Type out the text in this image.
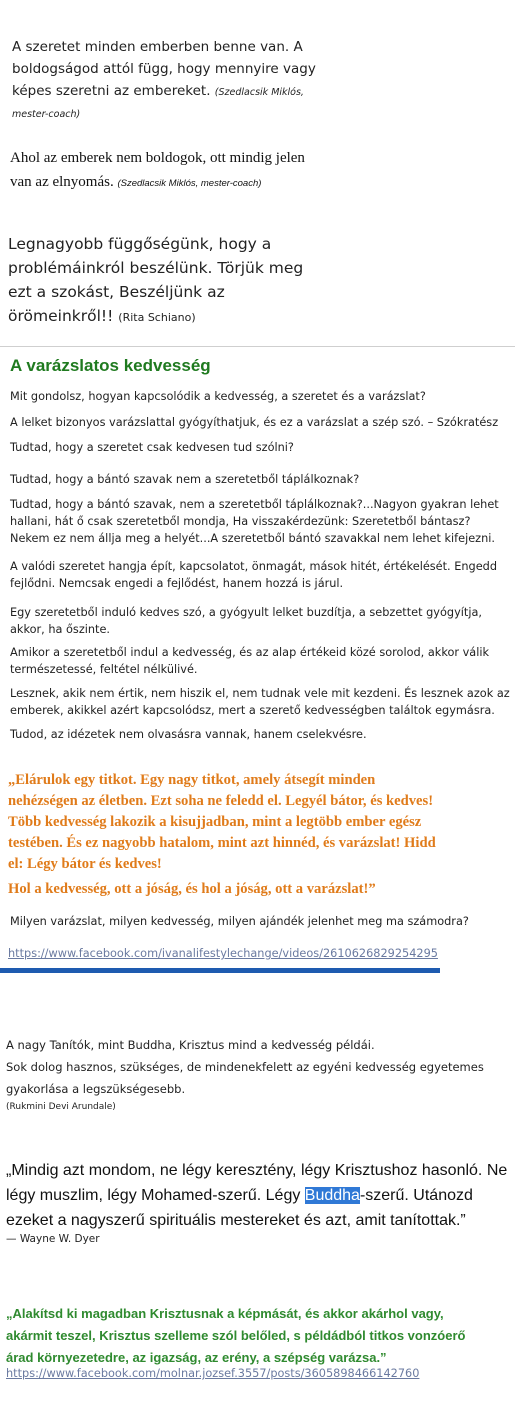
A szeretet minden emberben benne van. A
boldogságod attól függ, hogy mennyire vagy
képes szeretni az embereket. (Szedlacsik Miklós,
mester-coach)
Ahol az emberek nem boldogok, ott mindig jelen
van az elnyomás. (Szedlacsik Miklós, mester-coach)
Legnagyobb függőségünk, hogy a
problémáinkról beszélünk. Törjük meg
ezt a szokást, Beszéljünk az
örömeinkről!! (Rita Schiano)
A varázslatos kedvesség
Mit gondolsz, hogyan kapcsolódik a kedvesség, a szeretet és a varázslat?
A lelket bizonyos varázslattal gyógyíthatjuk, és ez a varázslat a szép szó. – Szókratész
Tudtad, hogy a szeretet csak kedvesen tud szólni?
Tudtad, hogy a bántó szavak nem a szeretetből táplálkoznak?
Tudtad, hogy a bántó szavak, nem a szeretetből táplálkoznak?...Nagyon gyakran lehet
hallani, hát ő csak szeretetből mondja, Ha visszakérdezünk: Szeretetből bántasz?
Nekem ez nem állja meg a helyét...A szeretetből bántó szavakkal nem lehet kifejezni.
A valódi szeretet hangja épít, kapcsolatot, önmagát, mások hitét, értékelését. Engedd
fejlődni. Nemcsak engedi a fejlődést, hanem hozzá is járul.
Egy szeretetből induló kedves szó, a gyógyult lelket buzdítja, a sebzettet gyógyítja,
akkor, ha őszinte.
Amikor a szeretetből indul a kedvesség, és az alap értékeid közé sorolod, akkor válik
természetessé, feltétel nélkülivé.
Lesznek, akik nem értik, nem hiszik el, nem tudnak vele mit kezdeni. És lesznek azok az
emberek, akikkel azért kapcsolódsz, mert a szerető kedvességben találtok egymásra.
Tudod, az idézetek nem olvasásra vannak, hanem cselekvésre.
„Elárulok egy titkot. Egy nagy titkot, amely átsegít minden
nehézségen az életben. Ezt soha ne feledd el. Legyél bátor, és kedves!
Több kedvesség lakozik a kisujjadban, mint a legtöbb ember egész
testében. És ez nagyobb hatalom, mint azt hinnéd, és varázslat! Hidd
el: Légy bátor és kedves!
Hol a kedvesség, ott a jóság, és hol a jóság, ott a varázslat!”
Milyen varázslat, milyen kedvesség, milyen ajándék jelenhet meg ma számodra?
https://www.facebook.com/ivanalifestylechange/videos/2610626829254295
A nagy Tanítók, mint Buddha, Krisztus mind a kedvesség példái.
Sok dolog hasznos, szükséges, de mindenekfelett az egyéni kedvesség egyetemes
gyakorlása a legszükségesebb.
(Rukmini Devi Arundale)
„Mindig azt mondom, ne légy keresztény, légy Krisztushoz hasonló. Ne
légy muszlim, légy Mohamed-szerű. Légy Buddha-szerű. Utánozd
ezeket a nagyszerű spirituális mestereket és azt, amit tanítottak.”
— Wayne W. Dyer
„Alakítsd ki magadban Krisztusnak a képmását, és akkor akárhol vagy,
akármit teszel, Krisztus szelleme szól belőled, s példádból titkos vonzóerő
árad környezetedre, az igazság, az erény, a szépség varázsa.”
https://www.facebook.com/molnar.jozsef.3557/posts/3605898466142760
